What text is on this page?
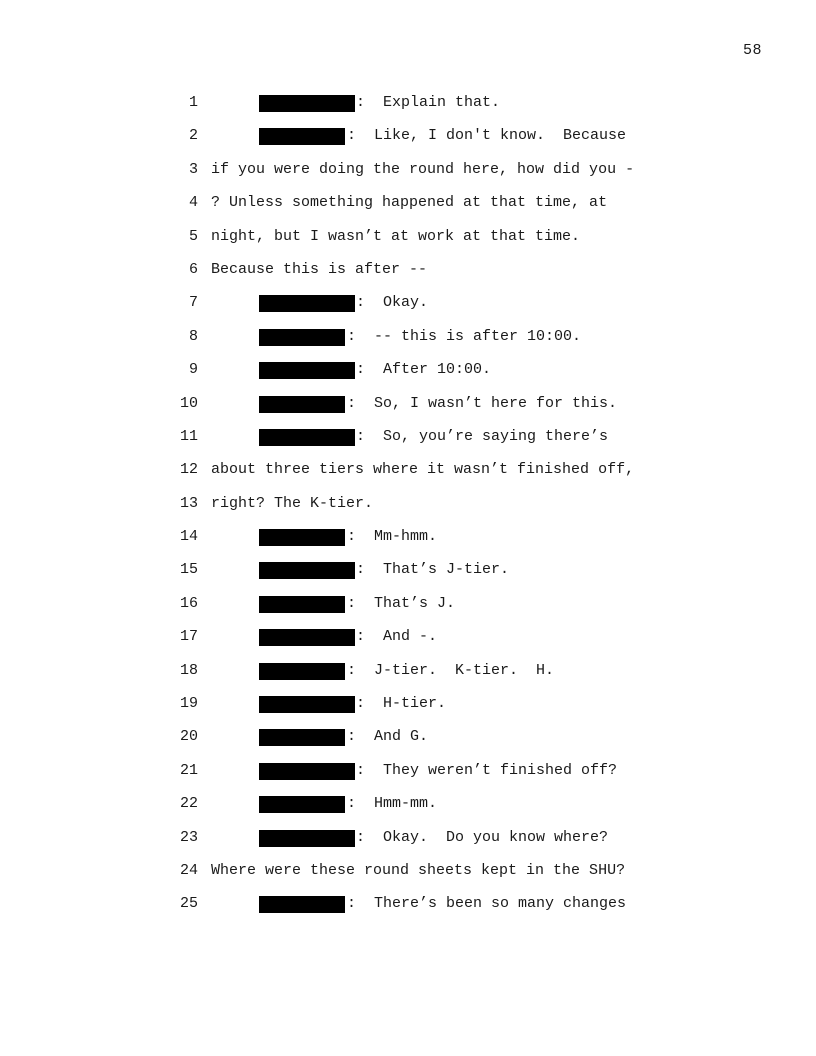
58
1	:  Explain that.
2	:  Like, I don't know.  Because
3 if you were doing the round here, how did you -
4 ? Unless something happened at that time, at
5 night, but I wasn’t at work at that time.
6 Because this is after --
7	:  Okay.
8	:  -- this is after 10:00.
9	:  After 10:00.
10	:  So, I wasn’t here for this.
11	:  So, you’re saying there’s
12 about three tiers where it wasn’t finished off,
13 right? The K-tier.
14	:  Mm-hmm.
15	:  That’s J-tier.
16	:  That’s J.
17	:  And -.
18	:  J-tier.  K-tier.  H.
19	:  H-tier.
20	:  And G.
21	:  They weren’t finished off?
22	:  Hmm-mm.
23	:  Okay.  Do you know where?
24 Where were these round sheets kept in the SHU?
25	:  There’s been so many changes
